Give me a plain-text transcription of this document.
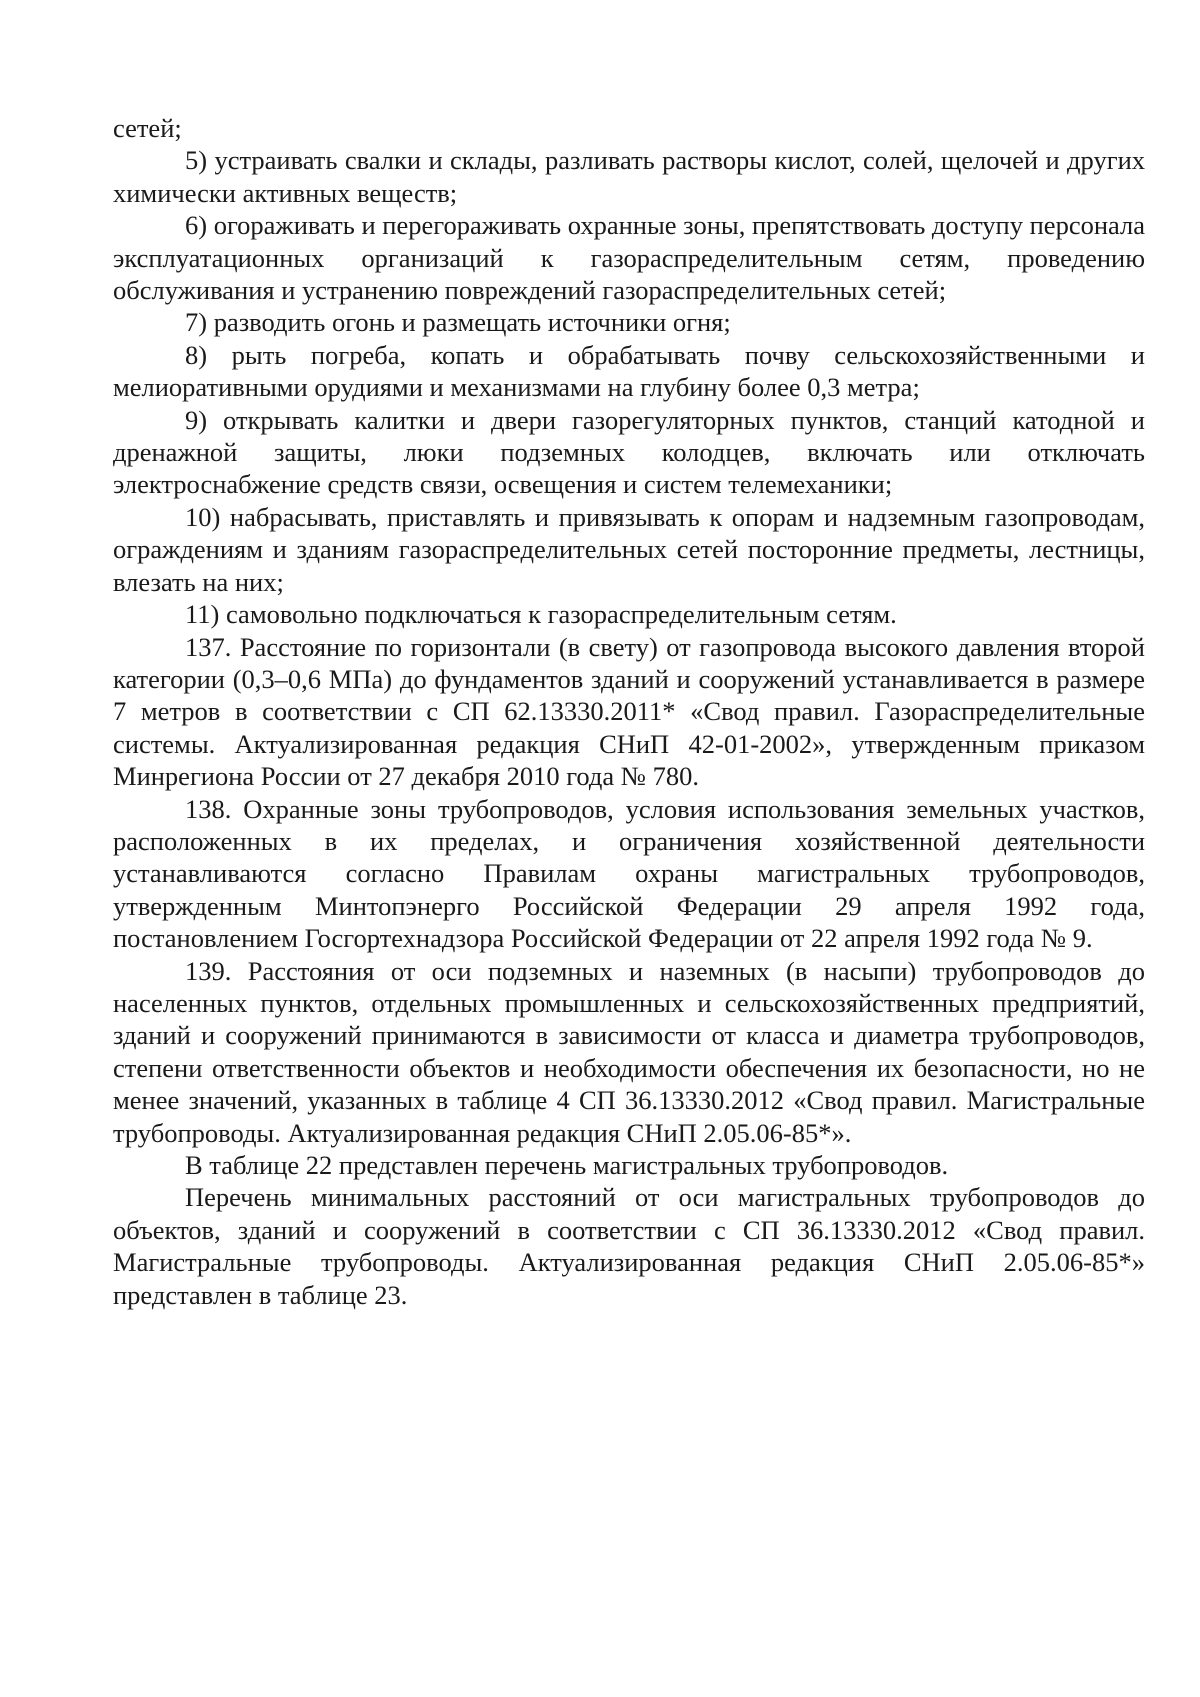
сетей;

5) устраивать свалки и склады, разливать растворы кислот, солей, щелочей и других химически активных веществ;

6) огораживать и перегораживать охранные зоны, препятствовать доступу персонала эксплуатационных организаций к газораспределительным сетям, проведению обслуживания и устранению повреждений газораспределительных сетей;

7) разводить огонь и размещать источники огня;

8) рыть погреба, копать и обрабатывать почву сельскохозяйственными и мелиоративными орудиями и механизмами на глубину более 0,3 метра;

9) открывать калитки и двери газорегуляторных пунктов, станций катодной и дренажной защиты, люки подземных колодцев, включать или отключать электроснабжение средств связи, освещения и систем телемеханики;

10) набрасывать, приставлять и привязывать к опорам и надземным газопроводам, ограждениям и зданиям газораспределительных сетей посторонние предметы, лестницы, влезать на них;

11) самовольно подключаться к газораспределительным сетям.

137. Расстояние по горизонтали (в свету) от газопровода высокого давления второй категории (0,3–0,6 МПа) до фундаментов зданий и сооружений устанавливается в размере 7 метров в соответствии с СП 62.13330.2011* «Свод правил. Газораспределительные системы. Актуализированная редакция СНиП 42-01-2002», утвержденным приказом Минрегиона России от 27 декабря 2010 года № 780.

138. Охранные зоны трубопроводов, условия использования земельных участков, расположенных в их пределах, и ограничения хозяйственной деятельности устанавливаются согласно Правилам охраны магистральных трубопроводов, утвержденным Минтопэнерго Российской Федерации 29 апреля 1992 года, постановлением Госгортехнадзора Российской Федерации от 22 апреля 1992 года № 9.

139. Расстояния от оси подземных и наземных (в насыпи) трубопроводов до населенных пунктов, отдельных промышленных и сельскохозяйственных предприятий, зданий и сооружений принимаются в зависимости от класса и диаметра трубопроводов, степени ответственности объектов и необходимости обеспечения их безопасности, но не менее значений, указанных в таблице 4 СП 36.13330.2012 «Свод правил. Магистральные трубопроводы. Актуализированная редакция СНиП 2.05.06-85*».

В таблице 22 представлен перечень магистральных трубопроводов.

Перечень минимальных расстояний от оси магистральных трубопроводов до объектов, зданий и сооружений в соответствии с СП 36.13330.2012 «Свод правил. Магистральные трубопроводы. Актуализированная редакция СНиП 2.05.06-85*» представлен в таблице 23.
